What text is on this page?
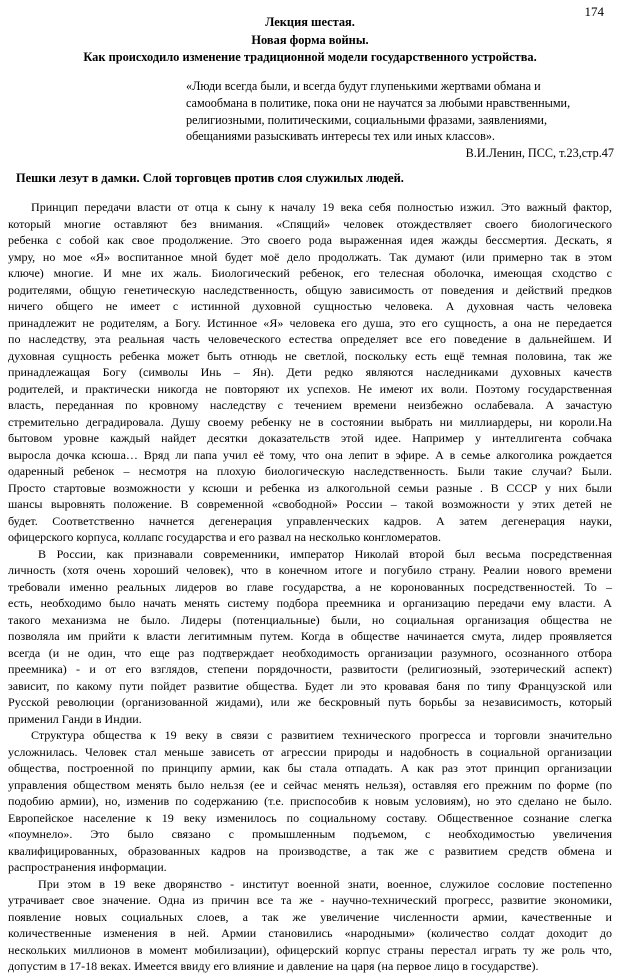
174
Лекция шестая.
Новая форма войны.
Как происходило изменение традиционной модели государственного устройства.
«Люди всегда были, и всегда будут глупенькими жертвами обмана и
самообмана в политике, пока они не научатся за любыми нравственными,
религиозными, политическими, социальными фразами, заявлениями,
обещаниями разыскивать интересы тех или иных классов».
В.И.Ленин, ПСС, т.23,стр.47
Пешки лезут в дамки. Слой торговцев против слоя служилых людей.
Принцип передачи власти от отца к сыну к началу 19 века себя полностью изжил. Это важный фактор,
который многие оставляют без внимания. «Спящий» человек отождествляет своего биологического
ребенка с собой как свое продолжение. Это своего рода выраженная идея жажды бессмертия. Дескать, я
умру, но мое «Я» воспитанное мной будет моё дело продолжать. Так думают (или примерно так в этом
ключе) многие. И мне их жаль. Биологический ребенок, его телесная оболочка, имеющая сходство с
родителями, общую генетическую наследственность, общую зависимость от поведения и действий предков
ничего общего не имеет с истинной духовной сущностью человека. А духовная часть человека
принадлежит не родителям, а Богу. Истинное «Я» человека его душа, это его сущность, а она не передается
по наследству, эта реальная часть человеческого естества определяет все его поведение в дальнейшем. И
духовная сущность ребенка может быть отнюдь не светлой, поскольку есть ещё темная половина, так же
принадлежащая Богу (символы Инь – Ян). Дети редко являются наследниками духовных качеств
родителей, и практически никогда не повторяют их успехов. Не имеют их воли. Поэтому государственная
власть, переданная по кровному наследству с течением времени неизбежно ослабевала. А зачастую
стремительно деградировала. Душу своему ребенку не в состоянии выбрать ни миллиардеры, ни короли.На
бытовом уровне каждый найдет десятки доказательств этой идее. Например у интеллигента собчака
выросла дочка ксюша… Вряд ли папа учил её тому, что она лепит в эфире. А в семье алкоголика рождается
одаренный ребенок – несмотря на плохую биологическую наследственность. Были такие случаи? Были.
Просто стартовые возможности у ксюши и ребенка из алкогольной семьи разные . В СССР у них были
шансы выровнять положение. В современной «свободной» России – такой возможности у этих детей не
будет. Соответственно начнется дегенерация управленческих кадров. А затем дегенерация науки,
офицерского корпуса, коллапс государства и его развал на несколько конгломератов.
В России, как признавали современники, император Николай второй был весьма посредственная
личность (хотя очень хороший человек), что в конечном итоге и погубило страну. Реалии нового времени
требовали именно реальных лидеров во главе государства, а не коронованных посредственностей. То –
есть, необходимо было начать менять систему подбора преемника и организацию передачи ему власти. А
такого механизма не было. Лидеры (потенциальные) были, но социальная организация общества не
позволяла им прийти к власти легитимным путем. Когда в обществе начинается смута, лидер проявляется
всегда (и не один, что еще раз подтверждает необходимость организации разумного, осознанного отбора
преемника) - и от его взглядов, степени порядочности, развитости (религиозный, эзотерический аспект)
зависит, по какому пути пойдет развитие общества. Будет ли это кровавая баня по типу Французской или
Русской революции (организованной жидами), или же бескровный путь борьбы за независимость, который
применил Ганди в Индии.
Структура общества к 19 веку в связи с развитием технического прогресса и торговли значительно
усложнилась. Человек стал меньше зависеть от агрессии природы и надобность в социальной организации
общества, построенной по принципу армии, как бы стала отпадать. А как раз этот принцип организации
управления обществом менять было нельзя (ее и сейчас менять нельзя), оставляя его прежним по форме (по
подобию армии), но, изменив по содержанию (т.е. приспособив к новым условиям), но это сделано не было.
Европейское население к 19 веку изменилось по социальному составу. Общественное сознание слегка
«поумнело». Это было связано с промышленным подъемом, с необходимостью увеличения
квалифицированных, образованных кадров на производстве, а так же с развитием средств обмена и
распространения информации.
При этом в 19 веке дворянство - институт военной знати, военное, служилое сословие постепенно
утрачивает свое значение. Одна из причин все та же - научно-технический прогресс, развитие экономики,
появление новых социальных слоев, а так же увеличение численности армии, качественные и
количественные изменения в ней. Армии становились «народными» (количество солдат доходит до
нескольких миллионов в момент мобилизации), офицерский корпус страны перестал играть ту же роль что,
допустим в 17-18 веках. Имеется ввиду его влияние и давление на царя (на первое лицо в государстве).
